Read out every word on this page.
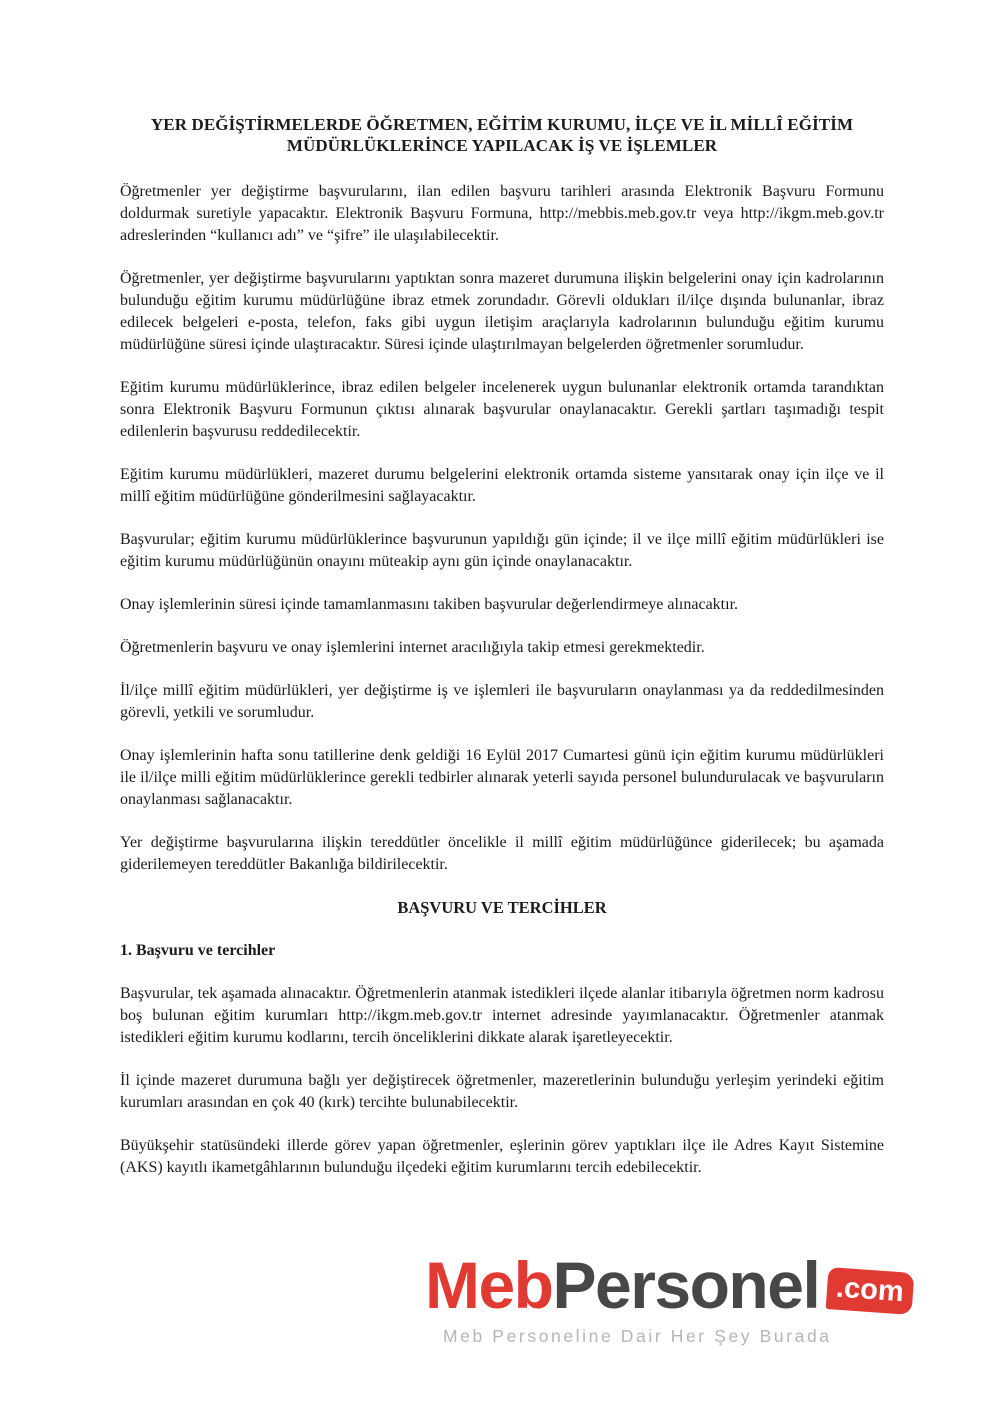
YER DEĞİŞTİRMELERDE ÖĞRETMEN, EĞİTİM KURUMU, İLÇE VE İL MİLLÎ EĞİTİM
MÜDÜRLÜKLERİNCE YAPILACAK İŞ VE İŞLEMLER

Öğretmenler yer değiştirme başvurularını, ilan edilen başvuru tarihleri arasında Elektronik Başvuru Formunu doldurmak suretiyle yapacaktır. Elektronik Başvuru Formuna, http://mebbis.meb.gov.tr veya http://ikgm.meb.gov.tr adreslerinden “kullanıcı adı” ve “şifre” ile ulaşılabilecektir.

Öğretmenler, yer değiştirme başvurularını yaptıktan sonra mazeret durumuna ilişkin belgelerini onay için kadrolarının bulunduğu eğitim kurumu müdürlüğüne ibraz etmek zorundadır. Görevli oldukları il/ilçe dışında bulunanlar, ibraz edilecek belgeleri e-posta, telefon, faks gibi uygun iletişim araçlarıyla kadrolarının bulunduğu eğitim kurumu müdürlüğüne süresi içinde ulaştıracaktır. Süresi içinde ulaştırılmayan belgelerden öğretmenler sorumludur.

Eğitim kurumu müdürlüklerince, ibraz edilen belgeler incelenerek uygun bulunanlar elektronik ortamda tarandıktan sonra Elektronik Başvuru Formunun çıktısı alınarak başvurular onaylanacaktır. Gerekli şartları taşımadığı tespit edilenlerin başvurusu reddedilecektir.

Eğitim kurumu müdürlükleri, mazeret durumu belgelerini elektronik ortamda sisteme yansıtarak onay için ilçe ve il millî eğitim müdürlüğüne gönderilmesini sağlayacaktır.

Başvurular; eğitim kurumu müdürlüklerince başvurunun yapıldığı gün içinde; il ve ilçe millî eğitim müdürlükleri ise eğitim kurumu müdürlüğünün onayını müteakip aynı gün içinde onaylanacaktır.

Onay işlemlerinin süresi içinde tamamlanmasını takiben başvurular değerlendirmeye alınacaktır.

Öğretmenlerin başvuru ve onay işlemlerini internet aracılığıyla takip etmesi gerekmektedir.

İl/ilçe millî eğitim müdürlükleri, yer değiştirme iş ve işlemleri ile başvuruların onaylanması ya da reddedilmesinden görevli, yetkili ve sorumludur.

Onay işlemlerinin hafta sonu tatillerine denk geldiği 16 Eylül 2017 Cumartesi günü için eğitim kurumu müdürlükleri ile il/ilçe milli eğitim müdürlüklerince gerekli tedbirler alınarak yeterli sayıda personel bulundurulacak ve başvuruların onaylanması sağlanacaktır.

Yer değiştirme başvurularına ilişkin tereddütler öncelikle il millî eğitim müdürlüğünce giderilecek; bu aşamada giderilemeyen tereddütler Bakanlığa bildirilecektir.

BAŞVURU VE TERCİHLER
1. Başvuru ve tercihler

Başvurular, tek aşamada alınacaktır. Öğretmenlerin atanmak istedikleri ilçede alanlar itibarıyla öğretmen norm kadrosu boş bulunan eğitim kurumları http://ikgm.meb.gov.tr internet adresinde yayımlanacaktır. Öğretmenler atanmak istedikleri eğitim kurumu kodlarını, tercih önceliklerini dikkate alarak işaretleyecektir.

İl içinde mazeret durumuna bağlı yer değiştirecek öğretmenler, mazeretlerinin bulunduğu yerleşim yerindeki eğitim kurumları arasından en çok 40 (kırk) tercihte bulunabilecektir.

Büyükşehir statüsündeki illerde görev yapan öğretmenler, eşlerinin görev yaptıkları ilçe ile Adres Kayıt Sistemine (AKS) kayıtlı ikametgâhlarının bulunduğu ilçedeki eğitim kurumlarını tercih edebilecektir.

Meb Personel .com
Meb Personeline Dair Her Şey Burada
